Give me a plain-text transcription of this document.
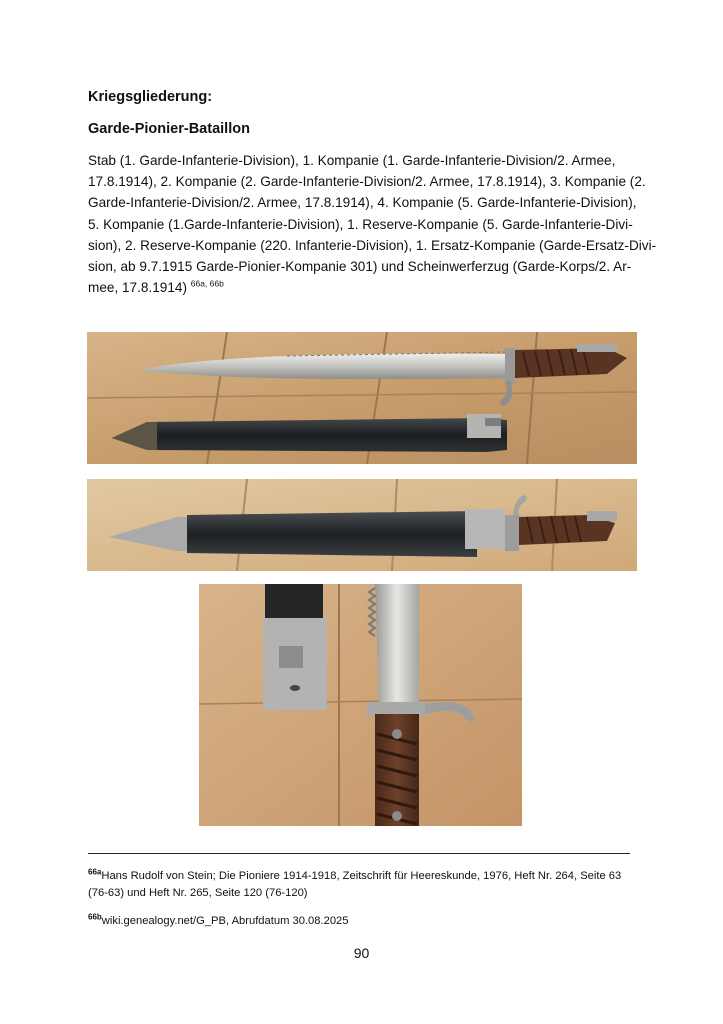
Kriegsgliederung:
Garde-Pionier-Bataillon
Stab (1. Garde-Infanterie-Division), 1. Kompanie (1. Garde-Infanterie-Division/2. Armee,
17.8.1914), 2. Kompanie (2. Garde-Infanterie-Division/2. Armee, 17.8.1914), 3. Kompanie (2.
Garde-Infanterie-Division/2. Armee, 17.8.1914), 4. Kompanie (5. Garde-Infanterie-Division),
5. Kompanie (1.Garde-Infanterie-Division), 1. Reserve-Kompanie (5. Garde-Infanterie-Divi-
sion), 2. Reserve-Kompanie (220. Infanterie-Division), 1. Ersatz-Kompanie (Garde-Ersatz-Divi-
sion, ab 9.7.1915 Garde-Pionier-Kompanie 301) und Scheinwerferzug (Garde-Korps/2. Ar-
mee, 17.8.1914) $^{66a, 66b}$
$^{66a}$Hans Rudolf von Stein; Die Pioniere 1914-1918, Zeitschrift für Heereskunde, 1976, Heft Nr. 264, Seite 63 (76-63) und Heft Nr. 265, Seite 120 (76-120)
$^{66b}$wiki.genealogy.net/G_PB, Abrufdatum 30.08.2025
90
